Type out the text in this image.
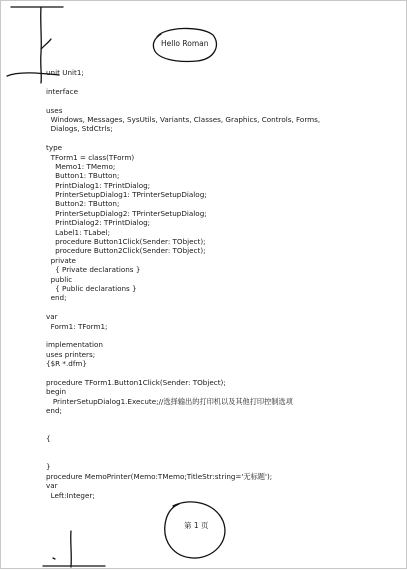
unit Unit1;
interface
uses
Windows, Messages, SysUtils, Variants, Classes, Graphics, Controls, Forms,
Dialogs, StdCtrls;
type
TForm1 = class(TForm)
Memo1: TMemo;
Button1: TButton;
PrintDialog1: TPrintDialog;
PrinterSetupDialog1: TPrinterSetupDialog;
Button2: TButton;
PrinterSetupDialog2: TPrinterSetupDialog;
PrintDialog2: TPrintDialog;
Label1: TLabel;
procedure Button1Click(Sender: TObject);
procedure Button2Click(Sender: TObject);
private
{ Private declarations }
public
{ Public declarations }
end;
var
Form1: TForm1;
implementation
uses printers;
{$R *.dfm}
procedure TForm1.Button1Click(Sender: TObject);
begin
PrinterSetupDialog1.Execute;//选择输出的打印机以及其他打印控制选项
end;
{
}
procedure MemoPrinter(Memo:TMemo;TitleStr:string='无标题');
var
Left:Integer;
Hello Roman
第 1 页
